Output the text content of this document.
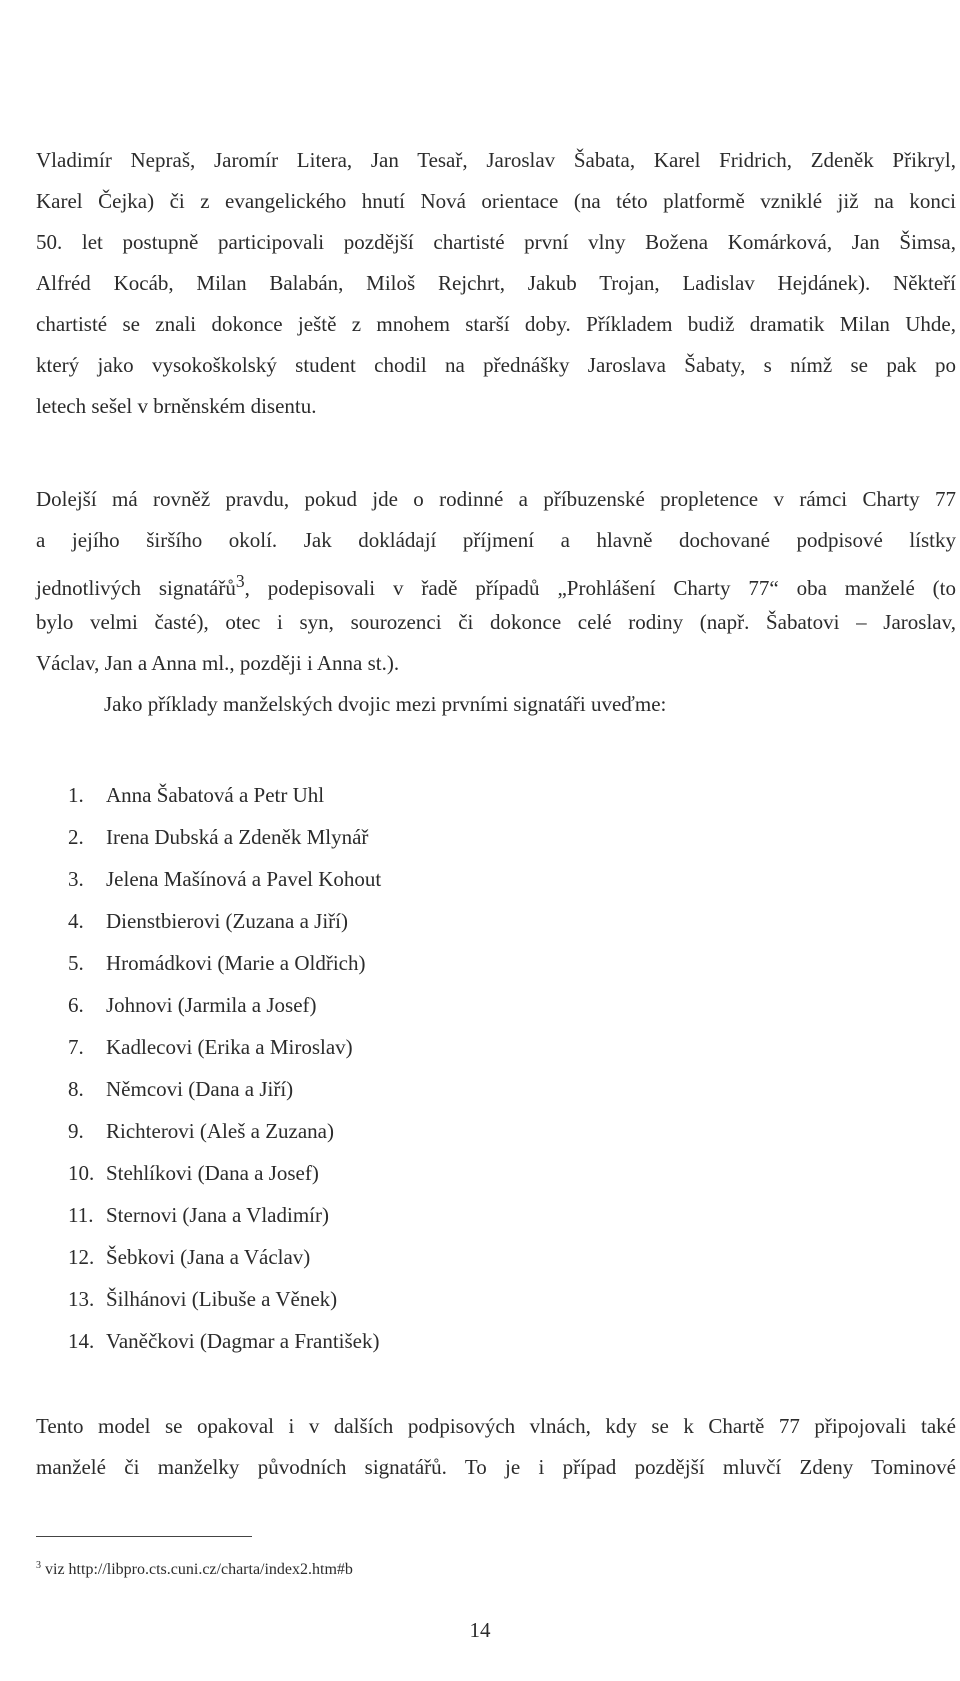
Vladimír Nepraš, Jaromír Litera, Jan Tesař, Jaroslav Šabata, Karel Fridrich, Zdeněk Přikryl,
Karel Čejka) či z evangelického hnutí Nová orientace (na této platformě vzniklé již na konci
50. let postupně participovali pozdější chartisté první vlny Božena Komárková, Jan Šimsa,
Alfréd Kocáb, Milan Balabán, Miloš Rejchrt, Jakub Trojan, Ladislav Hejdánek). Někteří
chartisté se znali dokonce ještě z mnohem starší doby. Příkladem budiž dramatik Milan Uhde,
který jako vysokoškolský student chodil na přednášky Jaroslava Šabaty, s nímž se pak po
letech sešel v brněnském disentu.
Dolejší má rovněž pravdu, pokud jde o rodinné a příbuzenské propletence v rámci Charty 77
a jejího širšího okolí. Jak dokládají příjmení a hlavně dochované podpisové lístky
jednotlivých signatářů$^3$, podepisovali v řadě případů „Prohlášení Charty 77“ oba manželé (to
bylo velmi časté), otec i syn, sourozenci či dokonce celé rodiny (např. Šabatovi – Jaroslav,
Václav, Jan a Anna ml., později i Anna st.).
Jako příklady manželských dvojic mezi prvními signatáři uveďme:
1.	Anna Šabatová a Petr Uhl
2.	Irena Dubská a Zdeněk Mlynář
3.	Jelena Mašínová a Pavel Kohout
4.	Dienstbierovi (Zuzana a Jiří)
5.	Hromádkovi (Marie a Oldřich)
6.	Johnovi (Jarmila a Josef)
7.	Kadlecovi (Erika a Miroslav)
8.	Němcovi (Dana a Jiří)
9.	Richterovi (Aleš a Zuzana)
10. Stehlíkovi (Dana a Josef)
11. Sternovi (Jana a Vladimír)
12. Šebkovi (Jana a Václav)
13. Šilhánovi (Libuše a Věnek)
14. Vaněčkovi (Dagmar a František)
Tento model se opakoval i v dalších podpisových vlnách, kdy se k Chartě 77 připojovali také
manželé či manželky původních signatářů. To je i případ pozdější mluvčí Zdeny Tominové
$^3$ viz http://libpro.cts.cuni.cz/charta/index2.htm#b
14
